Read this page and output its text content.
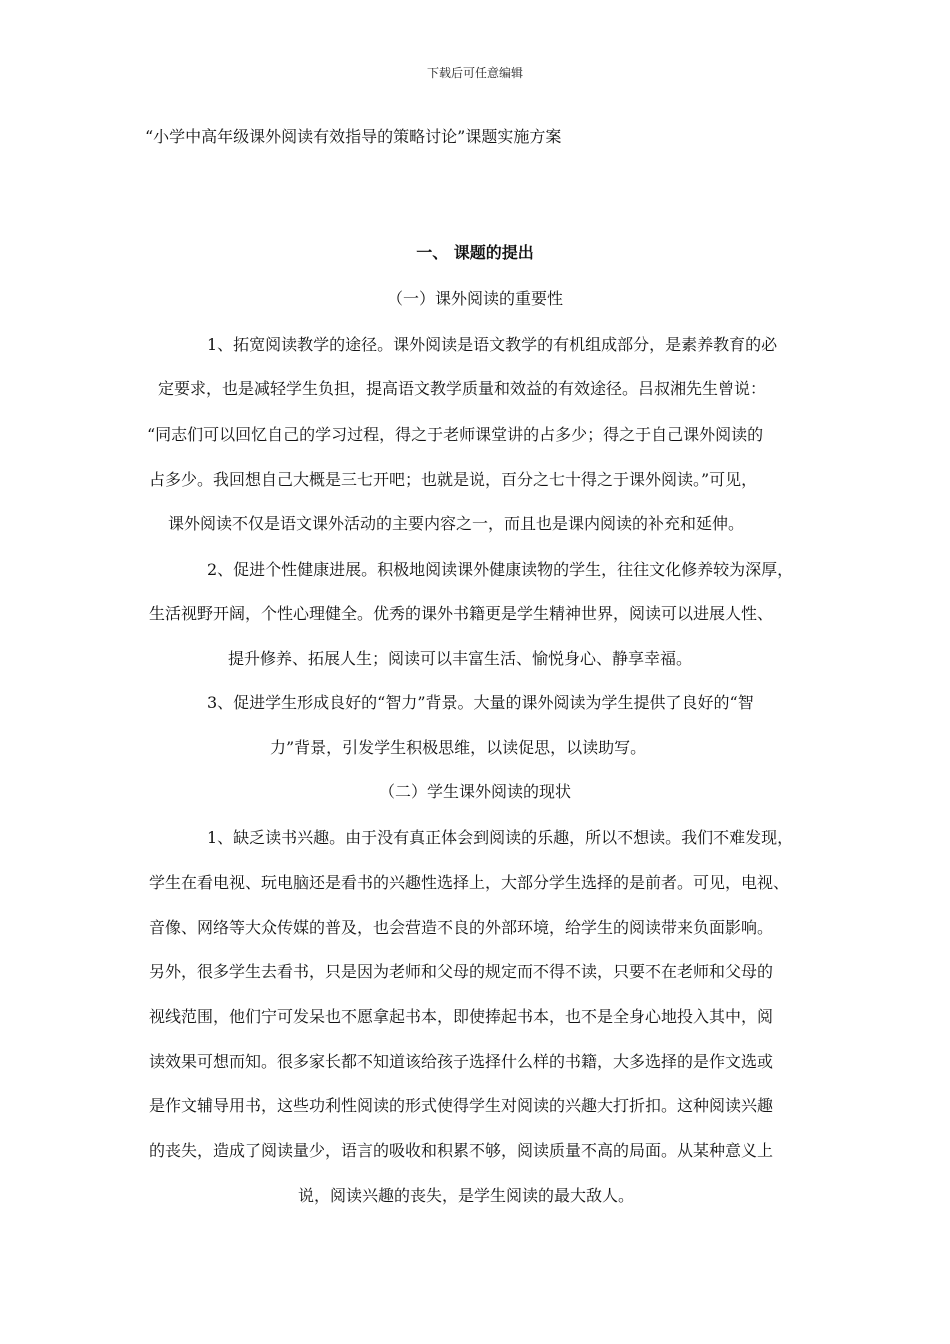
下载后可任意编辑
“小学中高年级课外阅读有效指导的策略讨论”课题实施方案
一、 课题的提出
（一）课外阅读的重要性
1、拓宽阅读教学的途径。课外阅读是语文教学的有机组成部分，是素养教育的必
定要求，也是减轻学生负担，提高语文教学质量和效益的有效途径。吕叔湘先生曾说：
“同志们可以回忆自己的学习过程，得之于老师课堂讲的占多少；得之于自己课外阅读的
占多少。我回想自己大概是三七开吧；也就是说，百分之七十得之于课外阅读。”可见，
课外阅读不仅是语文课外活动的主要内容之一，而且也是课内阅读的补充和延伸。
2、促进个性健康进展。积极地阅读课外健康读物的学生，往往文化修养较为深厚，
生活视野开阔，个性心理健全。优秀的课外书籍更是学生精神世界，阅读可以进展人性、
提升修养、拓展人生；阅读可以丰富生活、愉悦身心、静享幸福。
3、促进学生形成良好的“智力”背景。大量的课外阅读为学生提供了良好的“智
力”背景，引发学生积极思维，以读促思，以读助写。
（二）学生课外阅读的现状
1、缺乏读书兴趣。由于没有真正体会到阅读的乐趣，所以不想读。我们不难发现，
学生在看电视、玩电脑还是看书的兴趣性选择上，大部分学生选择的是前者。可见，电视、
音像、网络等大众传媒的普及，也会营造不良的外部环境，给学生的阅读带来负面影响。
另外，很多学生去看书，只是因为老师和父母的规定而不得不读，只要不在老师和父母的
视线范围，他们宁可发呆也不愿拿起书本，即使捧起书本，也不是全身心地投入其中，阅
读效果可想而知。很多家长都不知道该给孩子选择什么样的书籍，大多选择的是作文选或
是作文辅导用书，这些功利性阅读的形式使得学生对阅读的兴趣大打折扣。这种阅读兴趣
的丧失，造成了阅读量少，语言的吸收和积累不够，阅读质量不高的局面。从某种意义上
说，阅读兴趣的丧失，是学生阅读的最大敌人。
